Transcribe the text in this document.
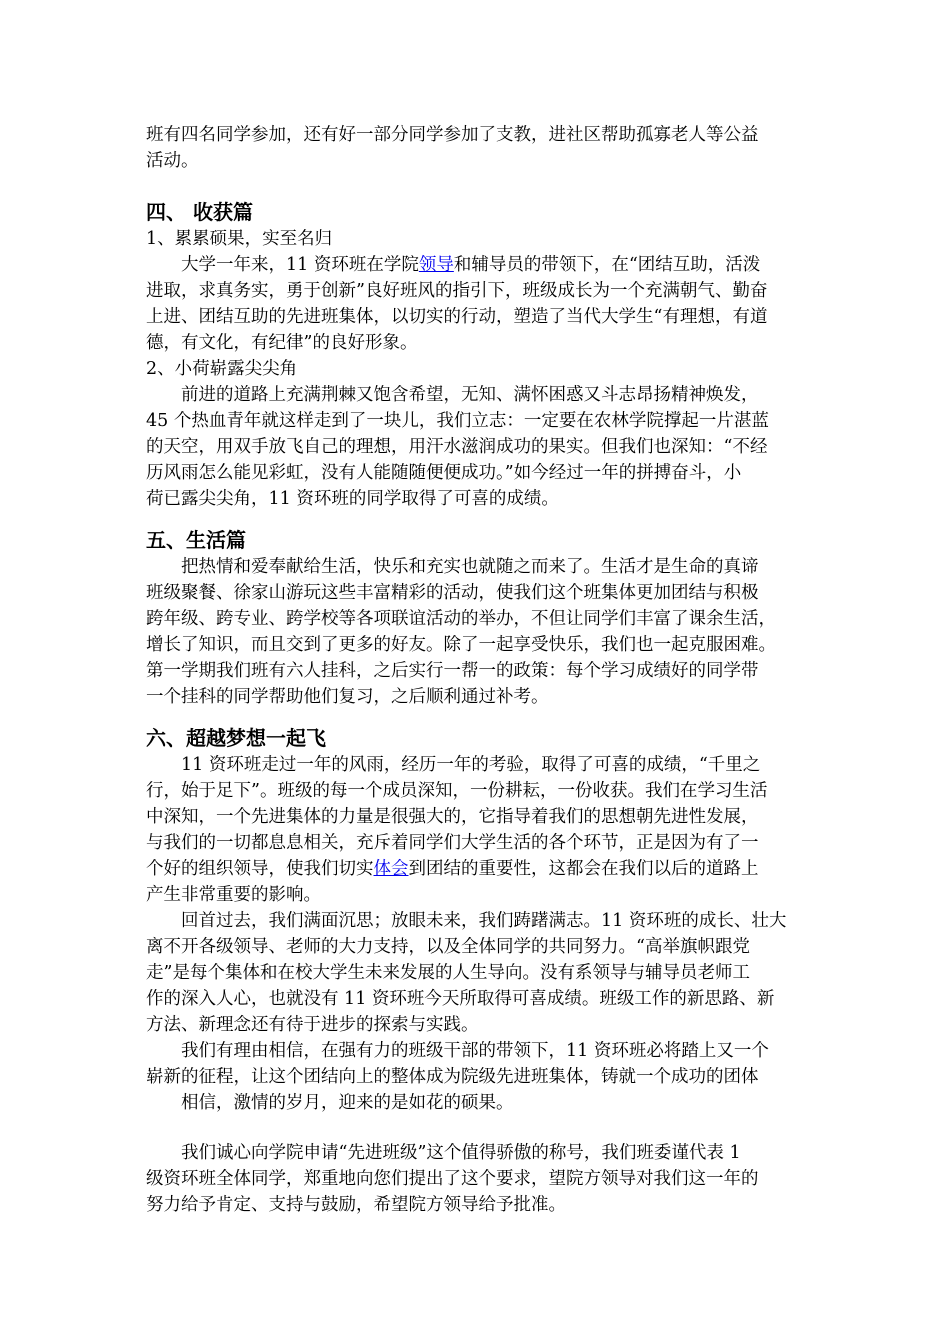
班有四名同学参加，还有好一部分同学参加了支教，进社区帮助孤寡老人等公益
活动。
四、 收获篇
1、累累硕果，实至名归
大学一年来，11 资环班在学院领导和辅导员的带领下，在“团结互助，活泼
进取，求真务实，勇于创新”良好班风的指引下，班级成长为一个充满朝气、勤奋
上进、团结互助的先进班集体，以切实的行动，塑造了当代大学生“有理想，有道
德，有文化，有纪律”的良好形象。
2、小荷崭露尖尖角
前进的道路上充满荆棘又饱含希望，无知、满怀困惑又斗志昂扬精神焕发，
45 个热血青年就这样走到了一块儿，我们立志：一定要在农林学院撑起一片湛蓝
的天空，用双手放飞自己的理想，用汗水滋润成功的果实。但我们也深知：“不经
历风雨怎么能见彩虹，没有人能随随便便成功。”如今经过一年的拼搏奋斗，小
荷已露尖尖角，11 资环班的同学取得了可喜的成绩。
五、生活篇
把热情和爱奉献给生活，快乐和充实也就随之而来了。生活才是生命的真谛
班级聚餐、徐家山游玩这些丰富精彩的活动，使我们这个班集体更加团结与积极
跨年级、跨专业、跨学校等各项联谊活动的举办，不但让同学们丰富了课余生活，
增长了知识，而且交到了更多的好友。除了一起享受快乐，我们也一起克服困难。
第一学期我们班有六人挂科，之后实行一帮一的政策：每个学习成绩好的同学带
一个挂科的同学帮助他们复习，之后顺利通过补考。
六、超越梦想一起飞
11 资环班走过一年的风雨，经历一年的考验，取得了可喜的成绩，“千里之
行，始于足下”。班级的每一个成员深知，一份耕耘，一份收获。我们在学习生活
中深知，一个先进集体的力量是很强大的，它指导着我们的思想朝先进性发展，
与我们的一切都息息相关，充斥着同学们大学生活的各个环节，正是因为有了一
个好的组织领导，使我们切实体会到团结的重要性，这都会在我们以后的道路上
产生非常重要的影响。
回首过去，我们满面沉思；放眼未来，我们踌躇满志。11 资环班的成长、壮大
离不开各级领导、老师的大力支持，以及全体同学的共同努力。“高举旗帜跟党
走”是每个集体和在校大学生未来发展的人生导向。没有系领导与辅导员老师工
作的深入人心，也就没有 11 资环班今天所取得可喜成绩。班级工作的新思路、新
方法、新理念还有待于进步的探索与实践。
我们有理由相信，在强有力的班级干部的带领下，11 资环班必将踏上又一个
崭新的征程，让这个团结向上的整体成为院级先进班集体，铸就一个成功的团体
相信，激情的岁月，迎来的是如花的硕果。
我们诚心向学院申请“先进班级”这个值得骄傲的称号，我们班委谨代表 1
级资环班全体同学，郑重地向您们提出了这个要求，望院方领导对我们这一年的
努力给予肯定、支持与鼓励，希望院方领导给予批准。
